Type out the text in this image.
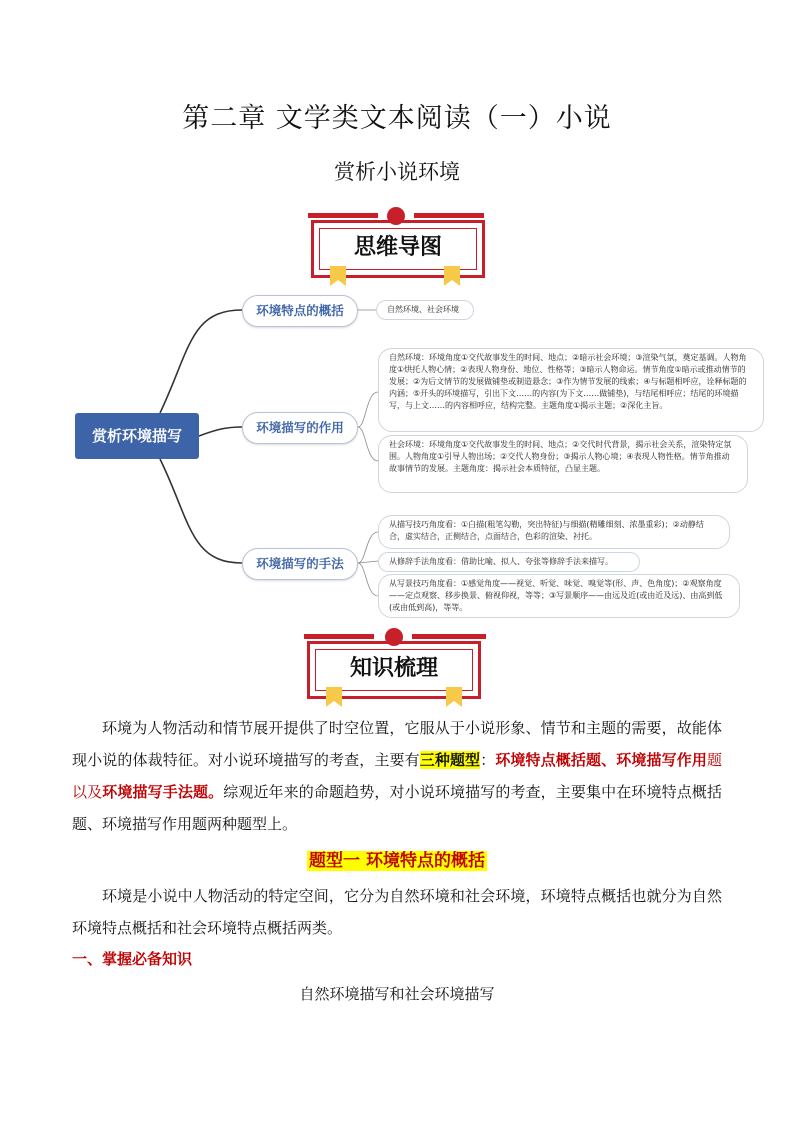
第二章 文学类文本阅读（一）小说
赏析小说环境
思维导图
赏析环境描写
环境特点的概括
环境描写的作用
环境描写的手法
自然环境、社会环境
自然环境：环境角度①交代故事发生的时间、地点；②暗示社会环境；③渲染气氛，奠定基调。人物角度①烘托人物心情；②表现人物身份、地位、性格等；③暗示人物命运。情节角度①暗示或推动情节的发展；②为后文情节的发展做铺垫或制造悬念；③作为情节发展的线索；④与标题相呼应，诠释标题的内涵；⑤开头的环境描写，引出下文……的内容(为下文……做铺垫)，与结尾相呼应；结尾的环境描写，与上文……的内容相呼应，结构完整。主题角度①揭示主题；②深化主旨。
社会环境：环境角度①交代故事发生的时间、地点；②交代时代背景，揭示社会关系，渲染特定氛围。人物角度①引导人物出场；②交代人物身份；③揭示人物心境；④表现人物性格。情节角推动故事情节的发展。主题角度：揭示社会本质特征，凸显主题。
从描写技巧角度看：①白描(粗笔勾勒，突出特征)与细描(精雕细刻、浓墨重彩)；②动静结合，虚实结合，正侧结合，点面结合，色彩的渲染、衬托。
从修辞手法角度看：借助比喻、拟人、夸张等修辞手法来描写。
从写景技巧角度看：①感觉角度——视觉、听觉、味觉、嗅觉等(形、声、色角度)；②观察角度——定点观察、移步换景、俯视仰视，等等；③写景顺序——由远及近(或由近及远)、由高到低(或由低到高)，等等。
知识梳理

环境为人物活动和情节展开提供了时空位置，它服从于小说形象、情节和主题的需要，故能体现小说的体裁特征。对小说环境描写的考查，主要有三种题型：环境特点概括题、环境描写作用题以及环境描写手法题。综观近年来的命题趋势，对小说环境描写的考查，主要集中在环境特点概括题、环境描写作用题两种题型上。

题型一 环境特点的概括

环境是小说中人物活动的特定空间，它分为自然环境和社会环境，环境特点概括也就分为自然环境特点概括和社会环境特点概括两类。

一、掌握必备知识
自然环境描写和社会环境描写
